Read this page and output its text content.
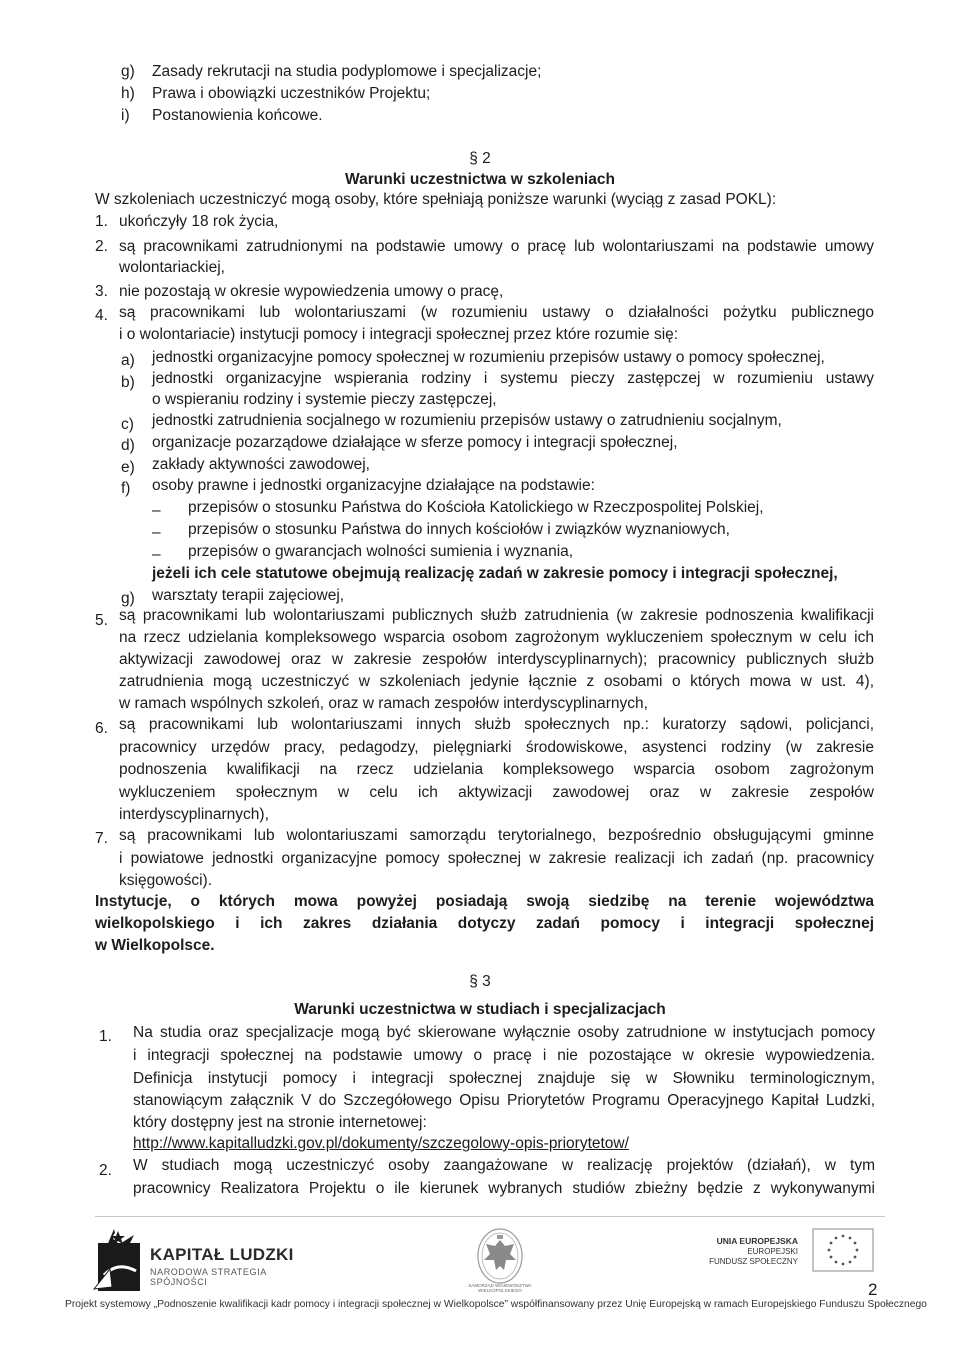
g) Zasady rekrutacji na studia podyplomowe i specjalizacje;
h) Prawa i obowiązki uczestników Projektu;
i) Postanowienia końcowe.
§ 2
Warunki uczestnictwa w szkoleniach
W szkoleniach uczestniczyć mogą osoby, które spełniają poniższe warunki (wyciąg z zasad POKL):
1. ukończyły 18 rok życia,
2. są pracownikami zatrudnionymi na podstawie umowy o pracę lub wolontariuszami na podstawie umowy
wolontariackiej,
3. nie pozostają w okresie wypowiedzenia umowy o pracę,
4. są pracownikami lub wolontariuszami (w rozumieniu ustawy o działalności pożytku publicznego
i o wolontariacie) instytucji pomocy i integracji społecznej przez które rozumie się:
a) jednostki organizacyjne pomocy społecznej w rozumieniu przepisów ustawy o pomocy społecznej,
b) jednostki organizacyjne wspierania rodziny i systemu pieczy zastępczej w rozumieniu ustawy
o wspieraniu rodziny i systemie pieczy zastępczej,
c) jednostki zatrudnienia socjalnego w rozumieniu przepisów ustawy o zatrudnieniu socjalnym,
d) organizacje pozarządowe działające w sferze pomocy i integracji społecznej,
e) zakłady aktywności zawodowej,
f) osoby prawne i jednostki organizacyjne działające na podstawie:
– przepisów o stosunku Państwa do Kościoła Katolickiego w Rzeczpospolitej Polskiej,
– przepisów o stosunku Państwa do innych kościołów i związków wyznaniowych,
– przepisów o gwarancjach wolności sumienia i wyznania,
jeżeli ich cele statutowe obejmują realizację zadań w zakresie pomocy i integracji społecznej,
g) warsztaty terapii zajęciowej,
5. są pracownikami lub wolontariuszami publicznych służb zatrudnienia (w zakresie podnoszenia kwalifikacji
na rzecz udzielania kompleksowego wsparcia osobom zagrożonym wykluczeniem społecznym w celu ich
aktywizacji zawodowej oraz w zakresie zespołów interdyscyplinarnych); pracownicy publicznych służb
zatrudnienia mogą uczestniczyć w szkoleniach jedynie łącznie z osobami o których mowa w ust. 4),
w ramach wspólnych szkoleń, oraz w ramach zespołów interdyscyplinarnych,
6. są pracownikami lub wolontariuszami innych służb społecznych np.: kuratorzy sądowi, policjanci,
pracownicy urzędów pracy, pedagodzy, pielęgniarki środowiskowe, asystenci rodziny (w zakresie
podnoszenia kwalifikacji na rzecz udzielania kompleksowego wsparcia osobom zagrożonym
wykluczeniem społecznym w celu ich aktywizacji zawodowej oraz w zakresie zespołów
interdyscyplinarnych),
7. są pracownikami lub wolontariuszami samorządu terytorialnego, bezpośrednio obsługującymi gminne
i powiatowe jednostki organizacyjne pomocy społecznej w zakresie realizacji ich zadań (np. pracownicy
księgowości).
Instytucje, o których mowa powyżej posiadają swoją siedzibę na terenie województwa
wielkopolskiego i ich zakres działania dotyczy zadań pomocy i integracji społecznej
w Wielkopolsce.
§ 3
Warunki uczestnictwa w studiach i specjalizacjach
1. Na studia oraz specjalizacje mogą być skierowane wyłącznie osoby zatrudnione w instytucjach pomocy
i integracji społecznej na podstawie umowy o pracę i nie pozostające w okresie wypowiedzenia.
Definicja instytucji pomocy i integracji społecznej znajduje się w Słowniku terminologicznym,
stanowiącym załącznik V do Szczegółowego Opisu Priorytetów Programu Operacyjnego Kapitał Ludzki,
który dostępny jest na stronie internetowej:
http://www.kapitalludzki.gov.pl/dokumenty/szczegolowy-opis-priorytetow/
2. W studiach mogą uczestniczyć osoby zaangażowane w realizację projektów (działań), w tym
pracownicy Realizatora Projektu o ile kierunek wybranych studiów zbieżny będzie z wykonywanymi
KAPITAŁ LUDZKI
NARODOWA STRATEGIA SPÓJNOŚCI	SAMORZĄD WOJEWÓDZTWA WIELKOPOLSKIEGO
UNIA EUROPEJSKA
EUROPEJSKI
FUNDUSZ SPOŁECZNY
2
Projekt systemowy „Podnoszenie kwalifikacji kadr pomocy i integracji społecznej w Wielkopolsce” współfinansowany przez Unię Europejską w ramach Europejskiego Funduszu Społecznego
